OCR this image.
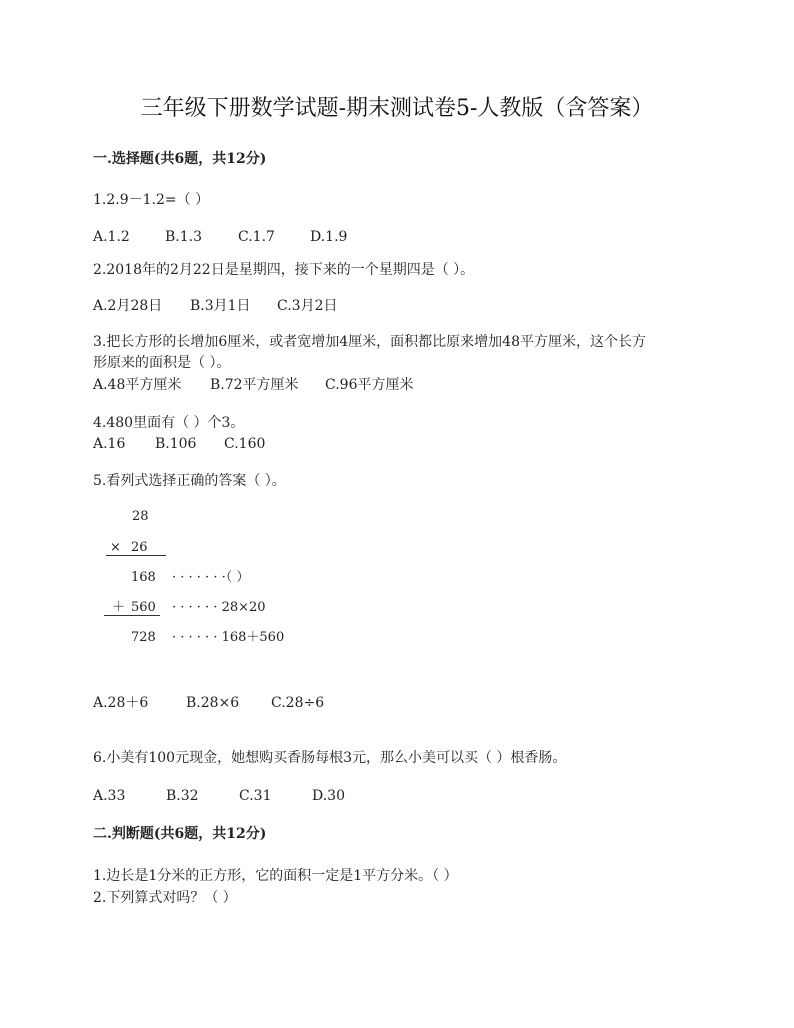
三年级下册数学试题-期末测试卷5-人教版（含答案）
一.选择题(共6题，共12分)
1.2.9－1.2=（ ）
A.1.2	B.1.3	C.1.7	D.1.9
2.2018年的2月22日是星期四，接下来的一个星期四是（ ）。
A.2月28日 B.3月1日 C.3月2日
3.把长方形的长增加6厘米，或者宽增加4厘米，面积都比原来增加48平方厘米，这个长方
形原来的面积是（ ）。
A.48平方厘米 B.72平方厘米 C.96平方厘米
4.480里面有（ ）个3。
A.16 B.106 C.160
5.看列式选择正确的答案（ ）。
28
× 26
168 · · · · · · ·（ ）
＋ 560 · · · · · · 28×20
728 · · · · · · 168＋560
A.28＋6	B.28×6 C.28÷6
6.小美有100元现金，她想购买香肠每根3元，那么小美可以买（ ）根香肠。
A.33	B.32	C.31	D.30
二.判断题(共6题，共12分)
1.边长是1分米的正方形，它的面积一定是1平方分米。（ ）
2.下列算式对吗？（ ）
